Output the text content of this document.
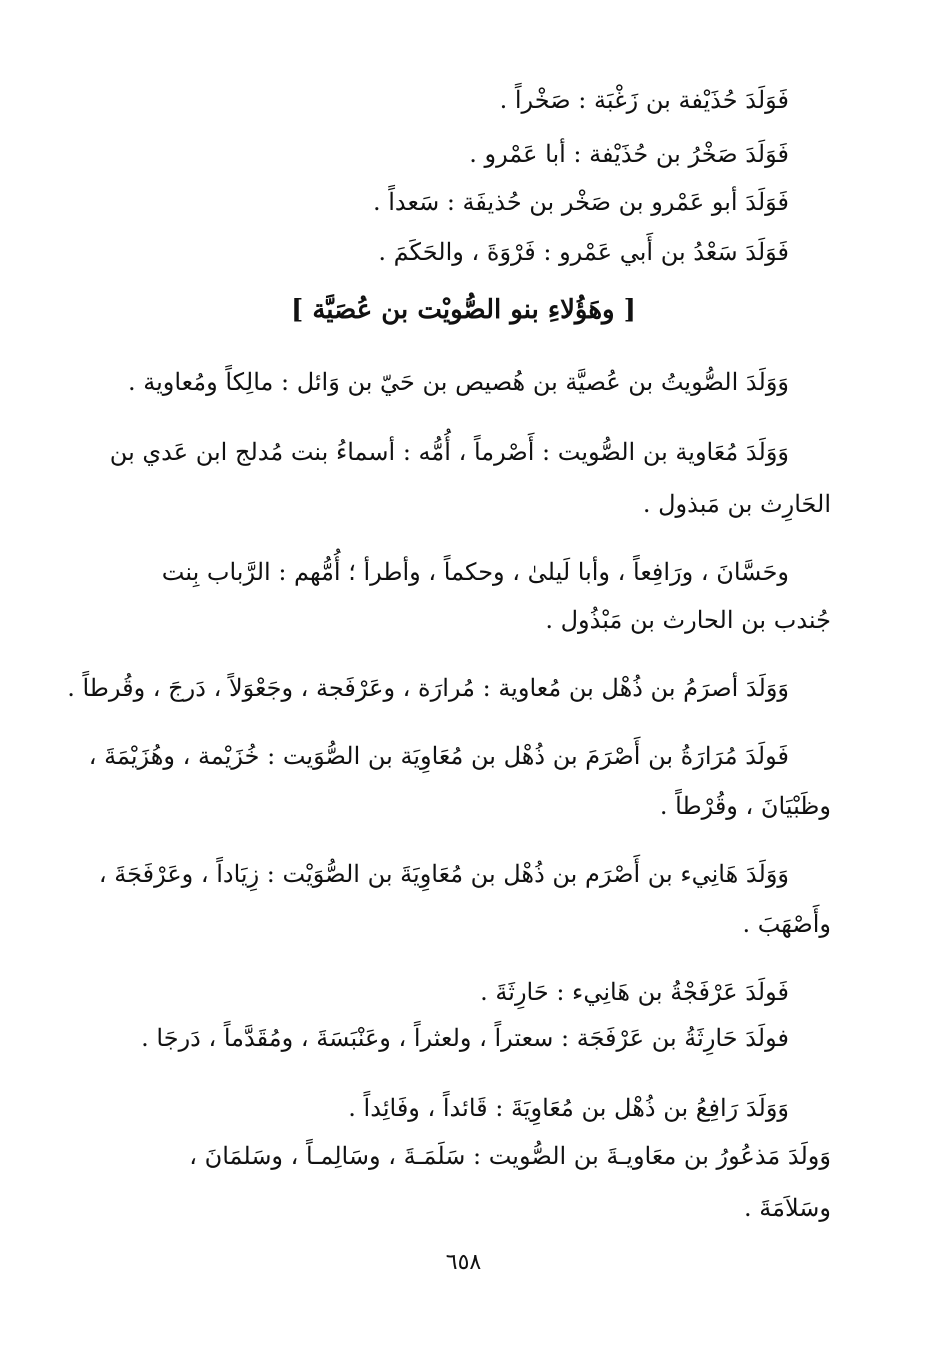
فَوَلَدَ حُذَيْفة بن زَغْبَة : صَخْراً .
فَوَلَدَ صَخْرُ بن حُذَيْفة : أبا عَمْرو .
فَوَلَدَ أبو عَمْرو بن صَخْر بن حُذيفَة : سَعداً .
فَوَلَدَ سَعْدُ بن أَبي عَمْرو : فَرْوَةَ ، والحَكَمَ .
[ وهَؤُلاءِ بنو الصُّويْت بن عُصَيَّة ]
وَوَلَدَ الصُّويتُ بن عُصيَّة بن هُصيص بن حَيّ بن وَائل : مالِكاً ومُعاوية .
وَوَلَدَ مُعَاوية بن الصُّويت : أَصْرماً ، أُمُّه : أسماءُ بنت مُدلج ابن عَدي بن
الحَارِث بن مَبذول .
وحَسَّانَ ، ورَافِعاً ، وأبا لَيلىٰ ، وحكماً ، وأطرأ ؛ أُمُّهم : الرَّباب بِنت
جُندب بن الحارث بن مَبْذُول .
وَوَلَدَ أصرَمُ بن ذُهْل بن مُعاوية : مُرارَة ، وعَرْفَجة ، وجَعْوَلاً ، دَرجَ ، وقُرطاً .
فَولَدَ مُرَارَةُ بن أَصْرَمَ بن ذُهْل بن مُعَاوِيَة بن الصُّوَيت : خُزَيْمة ، وهُزَيْمَةَ ،
وظَبْيَانَ ، وقُرْطاً .
وَوَلَدَ هَانِيء بن أَصْرَم بن ذُهْل بن مُعَاوِيَةَ بن الصُّوَيْت : زِيَاداً ، وعَرْفَجَةَ ،
وأَصْهَبَ .
فَولَدَ عَرْفَجْةُ بن هَانِيء : حَارِثَةَ .
فولَدَ حَارِثَةُ بن عَرْفَجَة : سعتراً ، ولعثراً ، وعَنْبَسَةَ ، ومُقَدَّماً ، دَرجَا .
وَوَلَدَ رَافِعُ بن ذُهْل بن مُعَاوِيَةَ : قَائداً ، وفَائِداً .
وَولَدَ مَذعُورُ بن معَاويـةَ بن الصُّويت : سَلَمَـةَ ، وسَالِمـاً ، وسَلمَانَ ،
وسَلاَمَةَ .
٦٥٨
